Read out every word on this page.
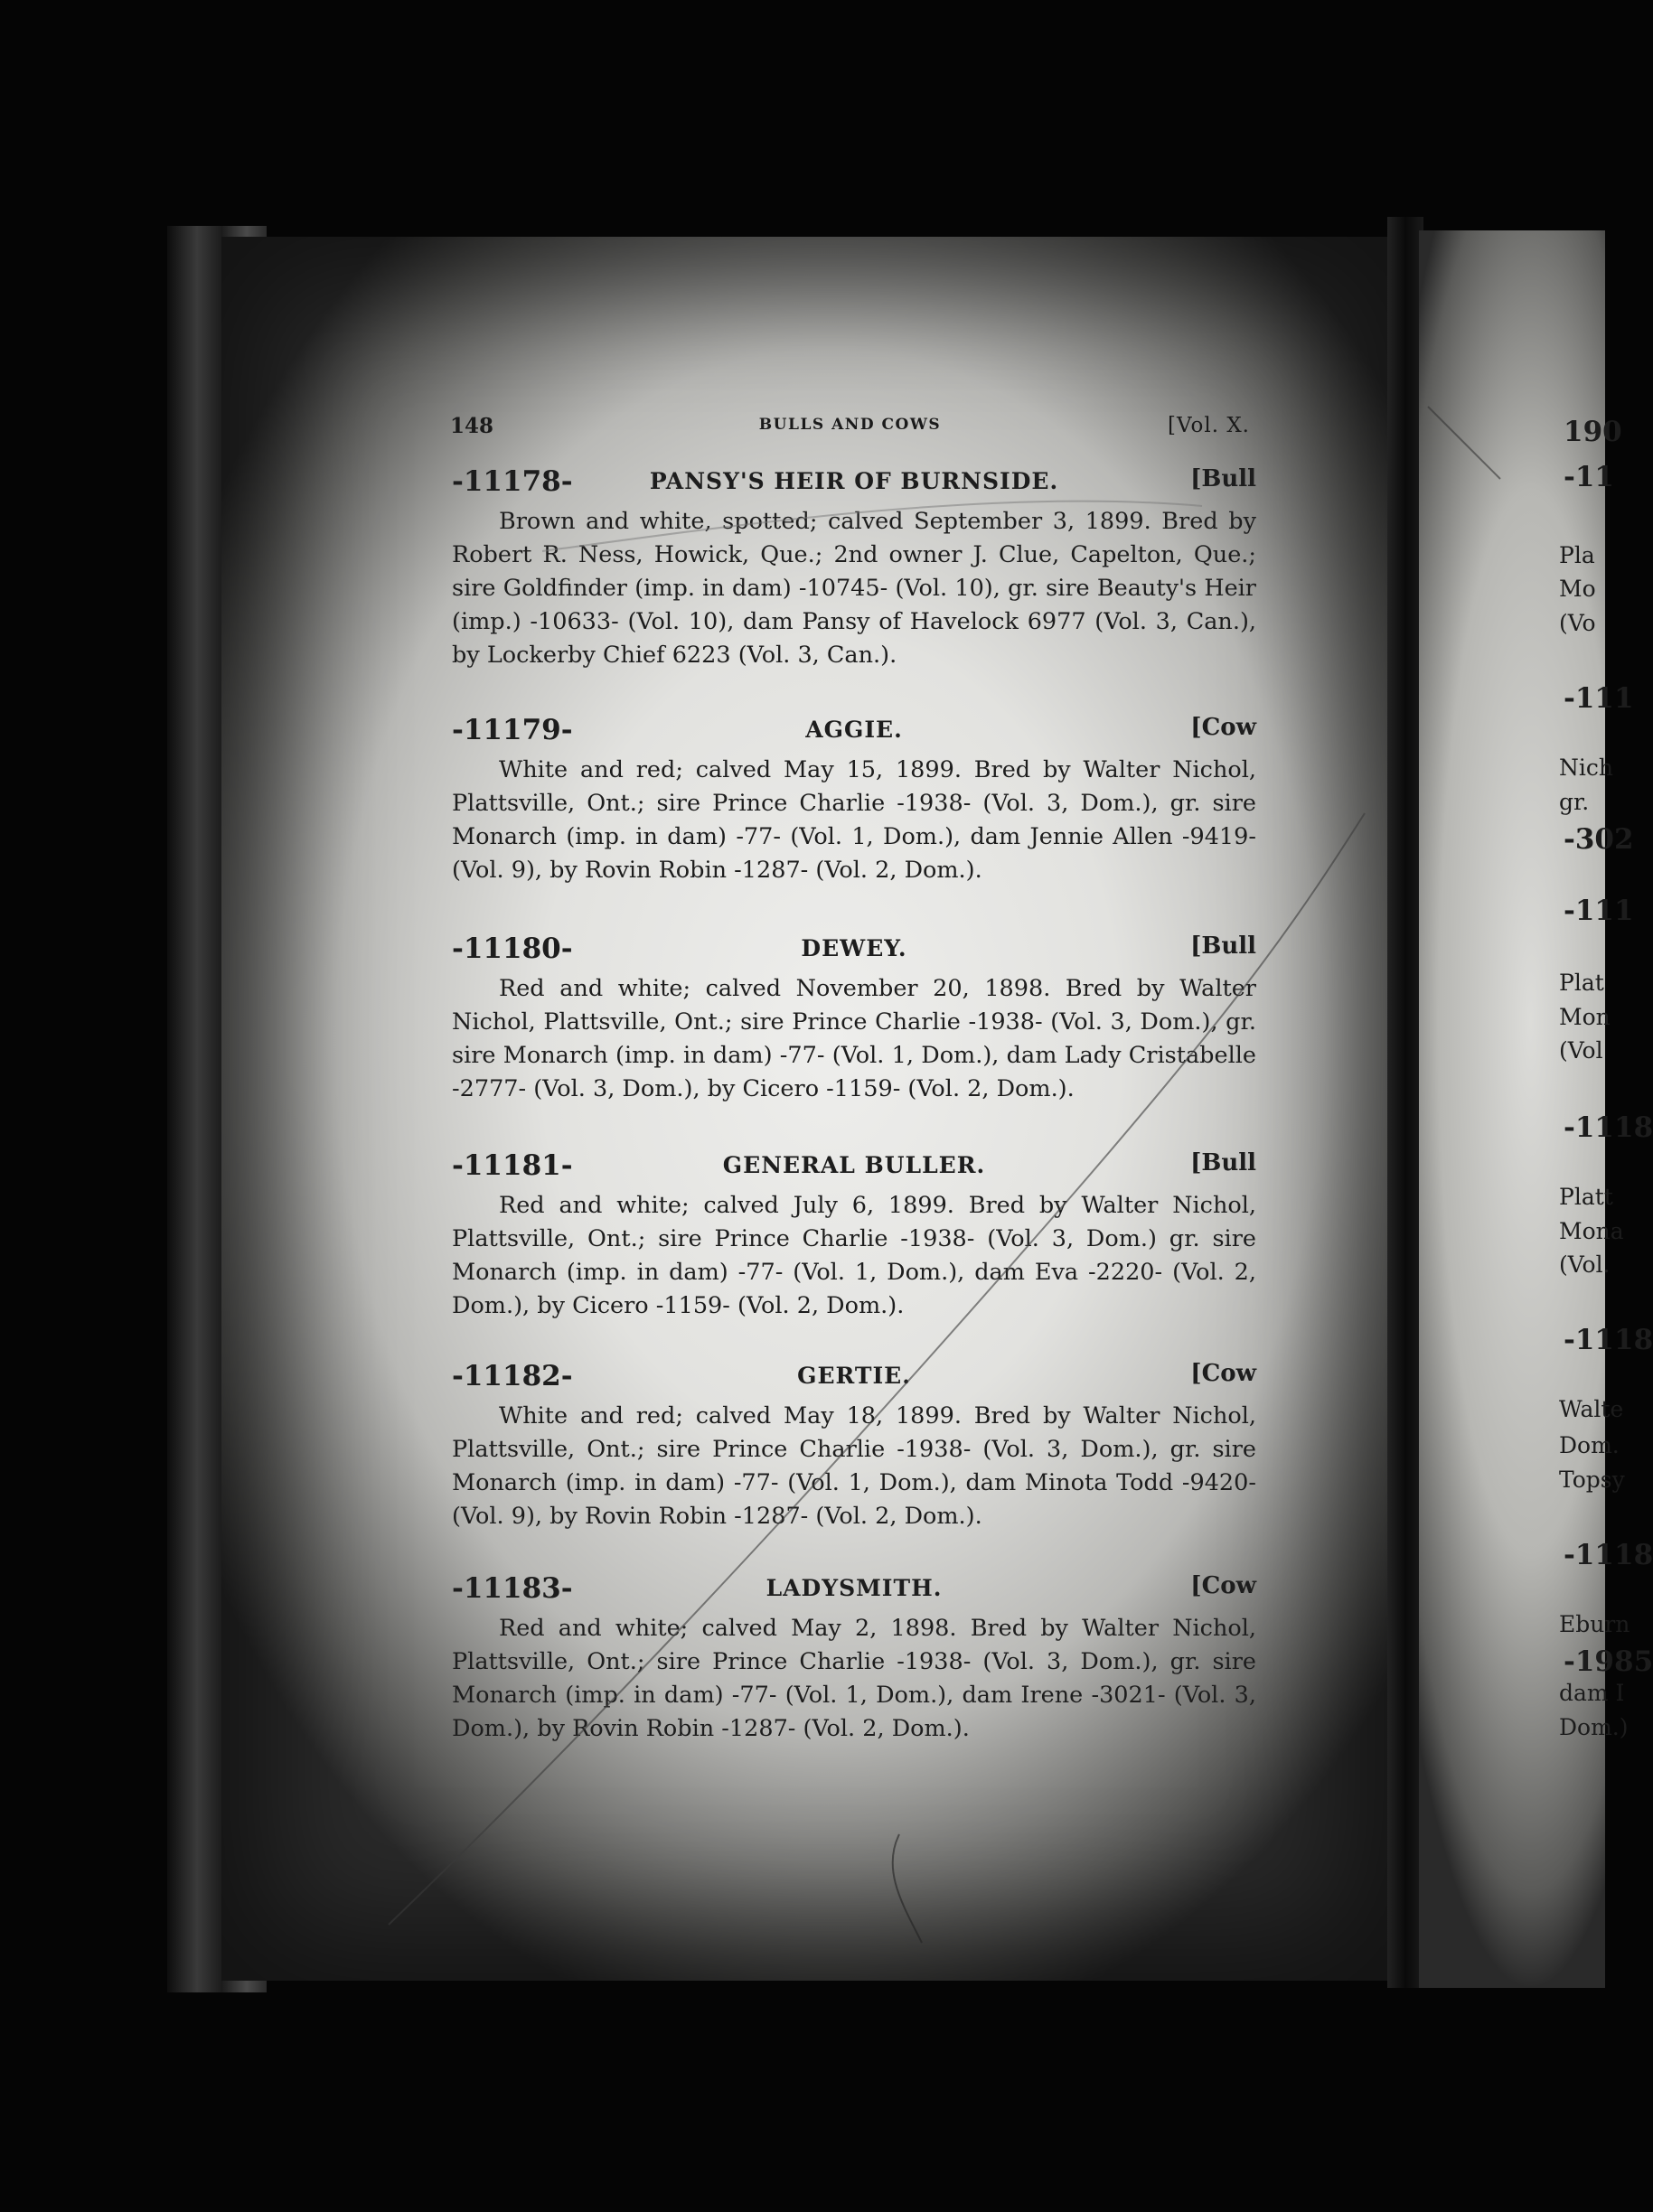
190
-11
Pla
Mo
(Vo
-111
Nich
gr.
-302
-111
Plat
Mon
(Vol
-1118
Platt
Mona
(Vol.
-1118
Walte
Dom.
Topsy
-1118
Eburn
-1985
dam I
Dom.)
148	BULLS AND COWS	[Vol. X.
-11178-	PANSY'S HEIR OF BURNSIDE.	[Bull

Brown and white, spotted; calved September 3, 1899. Bred by Robert R. Ness, Howick, Que.; 2nd owner J. Clue, Capelton, Que.; sire Goldfinder (imp. in dam) -10745- (Vol. 10), gr. sire Beauty's Heir (imp.) -10633- (Vol. 10), dam Pansy of Havelock 6977 (Vol. 3, Can.), by Lockerby Chief 6223 (Vol. 3, Can.).

-11179-	AGGIE.	[Cow

White and red; calved May 15, 1899. Bred by Walter Nichol, Plattsville, Ont.; sire Prince Charlie -1938- (Vol. 3, Dom.), gr. sire Monarch (imp. in dam) -77- (Vol. 1, Dom.), dam Jennie Allen -9419- (Vol. 9), by Rovin Robin -1287- (Vol. 2, Dom.).

-11180-	DEWEY.	[Bull

Red and white; calved November 20, 1898. Bred by Walter Nichol, Plattsville, Ont.; sire Prince Charlie -1938- (Vol. 3, Dom.), gr. sire Monarch (imp. in dam) -77- (Vol. 1, Dom.), dam Lady Cristabelle -2777- (Vol. 3, Dom.), by Cicero -1159- (Vol. 2, Dom.).

-11181-	GENERAL BULLER.	[Bull

Red and white; calved July 6, 1899. Bred by Walter Nichol, Plattsville, Ont.; sire Prince Charlie -1938- (Vol. 3, Dom.) gr. sire Monarch (imp. in dam) -77- (Vol. 1, Dom.), dam Eva -2220- (Vol. 2, Dom.), by Cicero -1159- (Vol. 2, Dom.).

-11182-	GERTIE.	[Cow

White and red; calved May 18, 1899. Bred by Walter Nichol, Plattsville, Ont.; sire Prince Charlie -1938- (Vol. 3, Dom.), gr. sire Monarch (imp. in dam) -77- (Vol. 1, Dom.), dam Minota Todd -9420- (Vol. 9), by Rovin Robin -1287- (Vol. 2, Dom.).

-11183-	LADYSMITH.	[Cow

Red and white; calved May 2, 1898. Bred by Walter Nichol, Plattsville, Ont.; sire Prince Charlie -1938- (Vol. 3, Dom.), gr. sire Monarch (imp. in dam) -77- (Vol. 1, Dom.), dam Irene -3021- (Vol. 3, Dom.), by Rovin Robin -1287- (Vol. 2, Dom.).
